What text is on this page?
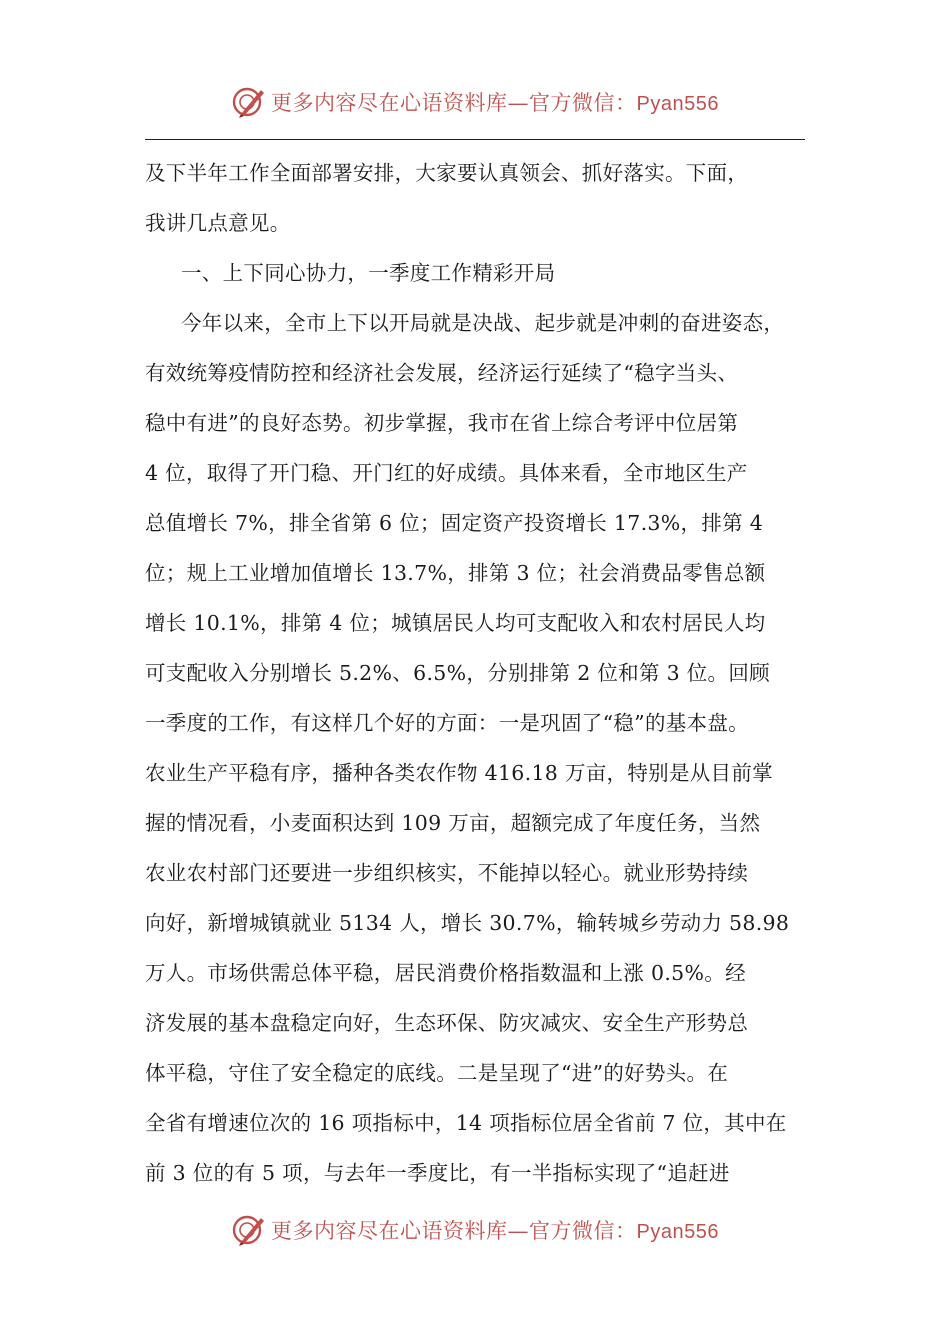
更多内容尽在心语资料库—官方微信：Pyan556
及下半年工作全面部署安排，大家要认真领会、抓好落实。下面，
我讲几点意见。
一、上下同心协力，一季度工作精彩开局
今年以来，全市上下以开局就是决战、起步就是冲刺的奋进姿态，
有效统筹疫情防控和经济社会发展，经济运行延续了“稳字当头、
稳中有进”的良好态势。初步掌握，我市在省上综合考评中位居第
4 位，取得了开门稳、开门红的好成绩。具体来看，全市地区生产
总值增长 7%，排全省第 6 位；固定资产投资增长 17.3%，排第 4
位；规上工业增加值增长 13.7%，排第 3 位；社会消费品零售总额
增长 10.1%，排第 4 位；城镇居民人均可支配收入和农村居民人均
可支配收入分别增长 5.2%、6.5%，分别排第 2 位和第 3 位。回顾
一季度的工作，有这样几个好的方面：一是巩固了“稳”的基本盘。
农业生产平稳有序，播种各类农作物 416.18 万亩，特别是从目前掌
握的情况看，小麦面积达到 109 万亩，超额完成了年度任务，当然
农业农村部门还要进一步组织核实，不能掉以轻心。就业形势持续
向好，新增城镇就业 5134 人，增长 30.7%，输转城乡劳动力 58.98
万人。市场供需总体平稳，居民消费价格指数温和上涨 0.5%。经
济发展的基本盘稳定向好，生态环保、防灾减灾、安全生产形势总
体平稳，守住了安全稳定的底线。二是呈现了“进”的好势头。在
全省有增速位次的 16 项指标中，14 项指标位居全省前 7 位，其中在
前 3 位的有 5 项，与去年一季度比，有一半指标实现了“追赶进
更多内容尽在心语资料库—官方微信：Pyan556
